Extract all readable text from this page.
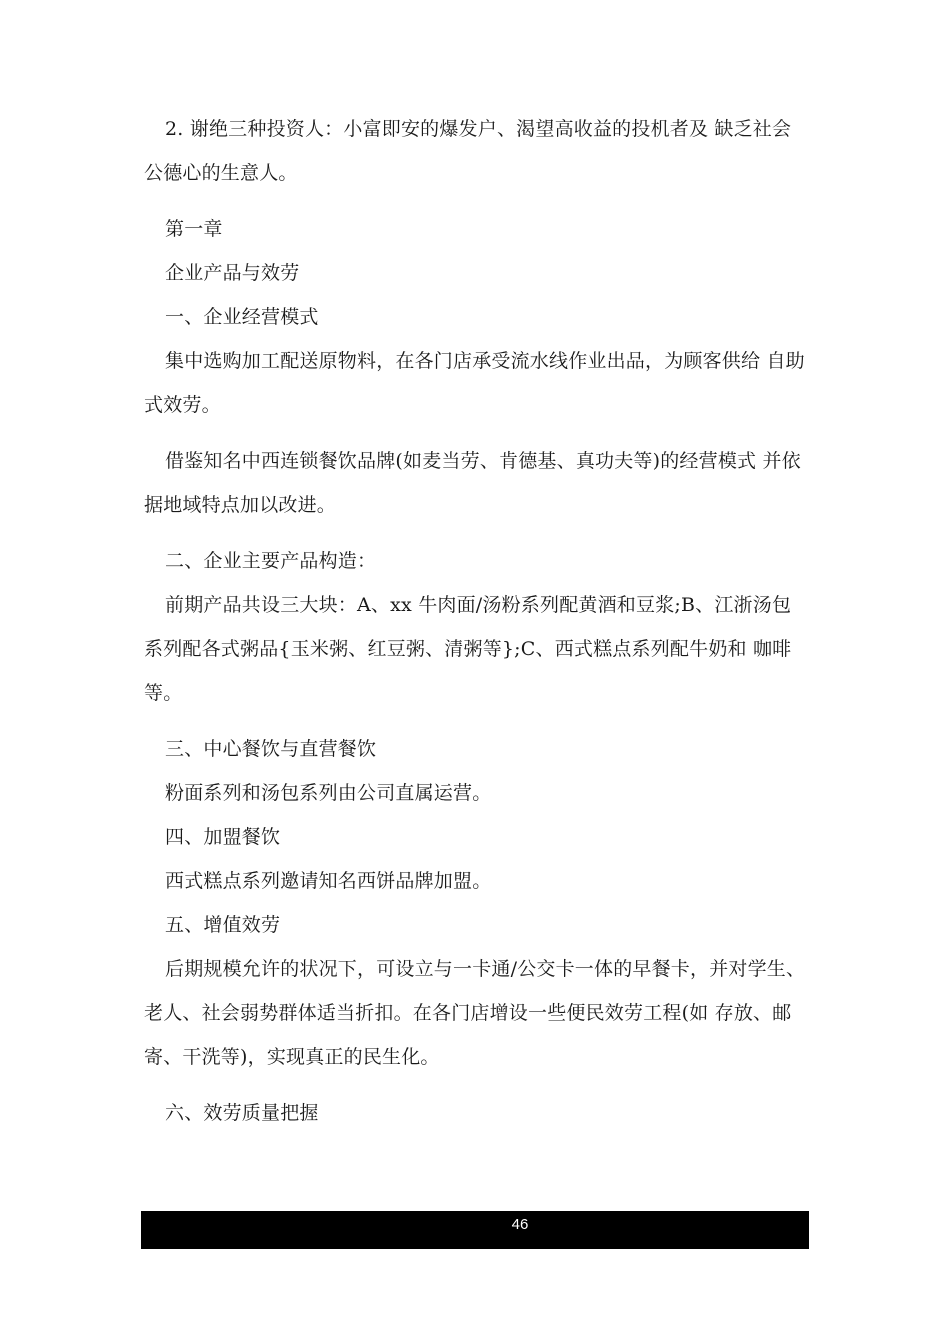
2. 谢绝三种投资人：小富即安的爆发户、渴望高收益的投机者及 缺乏社会公德心的生意人。

第一章

企业产品与效劳

一、企业经营模式

集中选购加工配送原物料，在各门店承受流水线作业出品，为顾客供给 自助式效劳。

借鉴知名中西连锁餐饮品牌(如麦当劳、肯德基、真功夫等)的经营模式 并依据地域特点加以改进。

二、企业主要产品构造：

前期产品共设三大块：A、xx 牛肉面/汤粉系列配黄酒和豆浆;B、江浙汤包系列配各式粥品{玉米粥、红豆粥、清粥等};C、西式糕点系列配牛奶和 咖啡等。

三、中心餐饮与直营餐饮

粉面系列和汤包系列由公司直属运营。

四、加盟餐饮

西式糕点系列邀请知名西饼品牌加盟。

五、增值效劳

后期规模允许的状况下，可设立与一卡通/公交卡一体的早餐卡，并对学生、老人、社会弱势群体适当折扣。在各门店增设一些便民效劳工程(如 存放、邮寄、干洗等)，实现真正的民生化。

六、效劳质量把握

46
